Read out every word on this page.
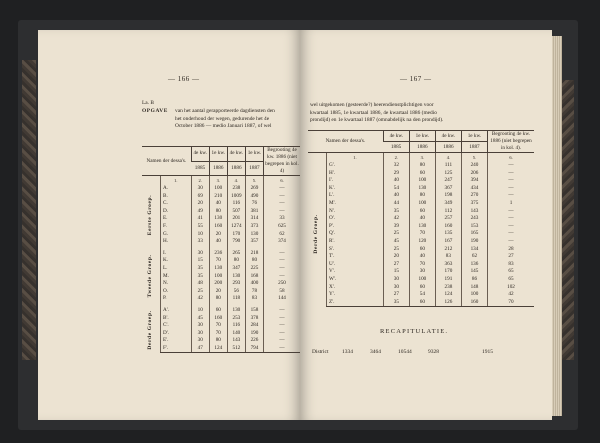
— 166 —
La. B
OPGAVE van het aantal gerapporteerde dagdiensten den
het onderhoud der wegen, gedurende het 4e
October 1886 — medio Januari 1887, of wel
Namen der dessa's.		4e kw.	1e kw.	4e kw.	1e kw.	Begrooting 4e kw. 1886 (niet begrepen in kol. 4)
		1885	1886	1886	1887	
	1.	2.	3.	4.	5.	6.

Eerste Groep.	A.	30	100	238	269	—
	B.	69	210	1009	490	—
	C.	20	40	116	76	—
	D.	49	80	507	381	—
	E.	41	130	201	314	33
	F.	55	160	1274	373	625
	G.	10	20	170	130	62
	H.	33	40	790	357	374

Tweede Groep.	I.	30	236	265	218	—
	K.	15	70	80	80	—
	L.	35	130	347	225	—
	M.	35	100	130	168	—
	N.	48	200	293	400	250
	O.	25	20	56	78	58
	P.	42	80	118	83	144

Derde Groep.	A'.	10	60	130	158	—
	B'.	45	160	253	378	—
	C'.	30	70	116	284	—
	D'.	30	70	140	190	—
	E'.	30	80	143	226	—
	F'.	47	124	512	794	—
— 167 —
wel uitgekomen (gesteerde?) heerendienstplichtigen voor
kwartaal 1885, 1e kwartaal 1886, 4e kwartaal 1886 (medio
prondijd) en 1e kwartaal 1887 (omnabdelijk na den prondijd).
Namen der dessa's.		4e kw.	1e kw.	4e kw.	1e kw.	Begrooting 4e kw. 1886 (niet begrepen in kol. 4).
		1885	1886	1886	1887	
	1.	2.	3.	4.	5.	6.

Derde Groep.	G'.	32	80	111	240	—
	H'.	29	60	125	206	—
	I'.	40	100	247	394	—
	K'.	54	130	367	434	—
	L'.	40	80	198	270	—
	M'.	44	100	349	375	1
	N'.	35	60	112	143	—
	O'.	42	40	257	243	—
	P'.	39	130	160	153	—
	Q'.	25	70	135	165	—
	R'.	45	120	167	190	—
	S'.	25	60	212	134	28
	T'.	20	40	83	62	27
	U'.	27	70	363	136	83
	V'.	15	30	170	145	65
	W'.	30	100	191	86	65
	X'.	30	60	238	148	102
	Y'.	27	54	124	100	42
	Z'.	35	60	126	160	70
RECAPITULATIE.
District 1334	3464	10544	9328	1915
